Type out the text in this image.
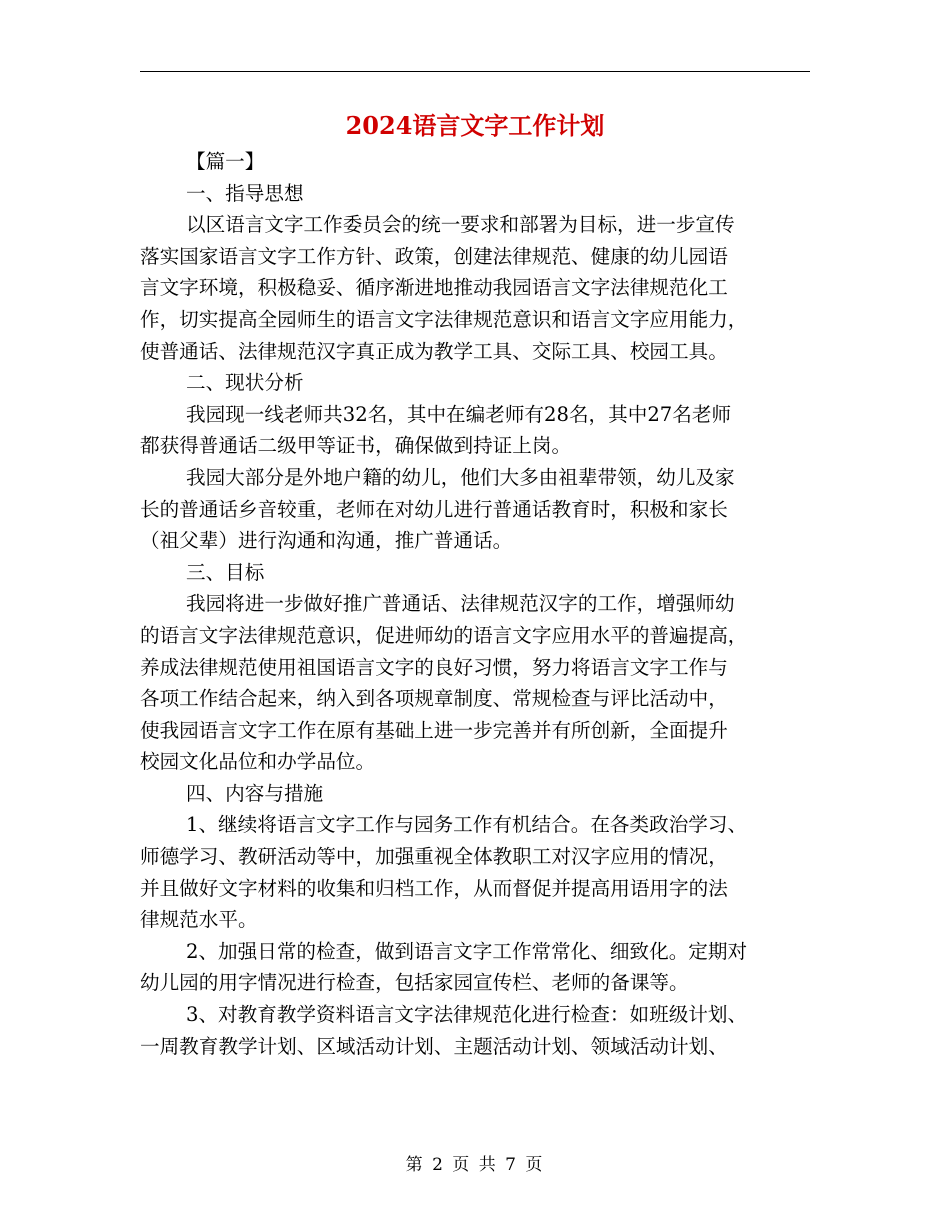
2024语言文字工作计划

【篇一】

一、指导思想

以区语言文字工作委员会的统一要求和部署为目标，进一步宣传

落实国家语言文字工作方针、政策，创建法律规范、健康的幼儿园语

言文字环境，积极稳妥、循序渐进地推动我园语言文字法律规范化工

作，切实提高全园师生的语言文字法律规范意识和语言文字应用能力，

使普通话、法律规范汉字真正成为教学工具、交际工具、校园工具。

二、现状分析

我园现一线老师共32名，其中在编老师有28名，其中27名老师

都获得普通话二级甲等证书，确保做到持证上岗。

我园大部分是外地户籍的幼儿，他们大多由祖辈带领，幼儿及家

长的普通话乡音较重，老师在对幼儿进行普通话教育时，积极和家长

（祖父辈）进行沟通和沟通，推广普通话。

三、目标

我园将进一步做好推广普通话、法律规范汉字的工作，增强师幼

的语言文字法律规范意识，促进师幼的语言文字应用水平的普遍提高，

养成法律规范使用祖国语言文字的良好习惯，努力将语言文字工作与

各项工作结合起来，纳入到各项规章制度、常规检查与评比活动中，

使我园语言文字工作在原有基础上进一步完善并有所创新，全面提升

校园文化品位和办学品位。

四、内容与措施

1、继续将语言文字工作与园务工作有机结合。在各类政治学习、

师德学习、教研活动等中，加强重视全体教职工对汉字应用的情况，

并且做好文字材料的收集和归档工作，从而督促并提高用语用字的法

律规范水平。

2、加强日常的检查，做到语言文字工作常常化、细致化。定期对

幼儿园的用字情况进行检查，包括家园宣传栏、老师的备课等。

3、对教育教学资料语言文字法律规范化进行检查：如班级计划、

一周教育教学计划、区域活动计划、主题活动计划、领域活动计划、

第 2 页 共 7 页
